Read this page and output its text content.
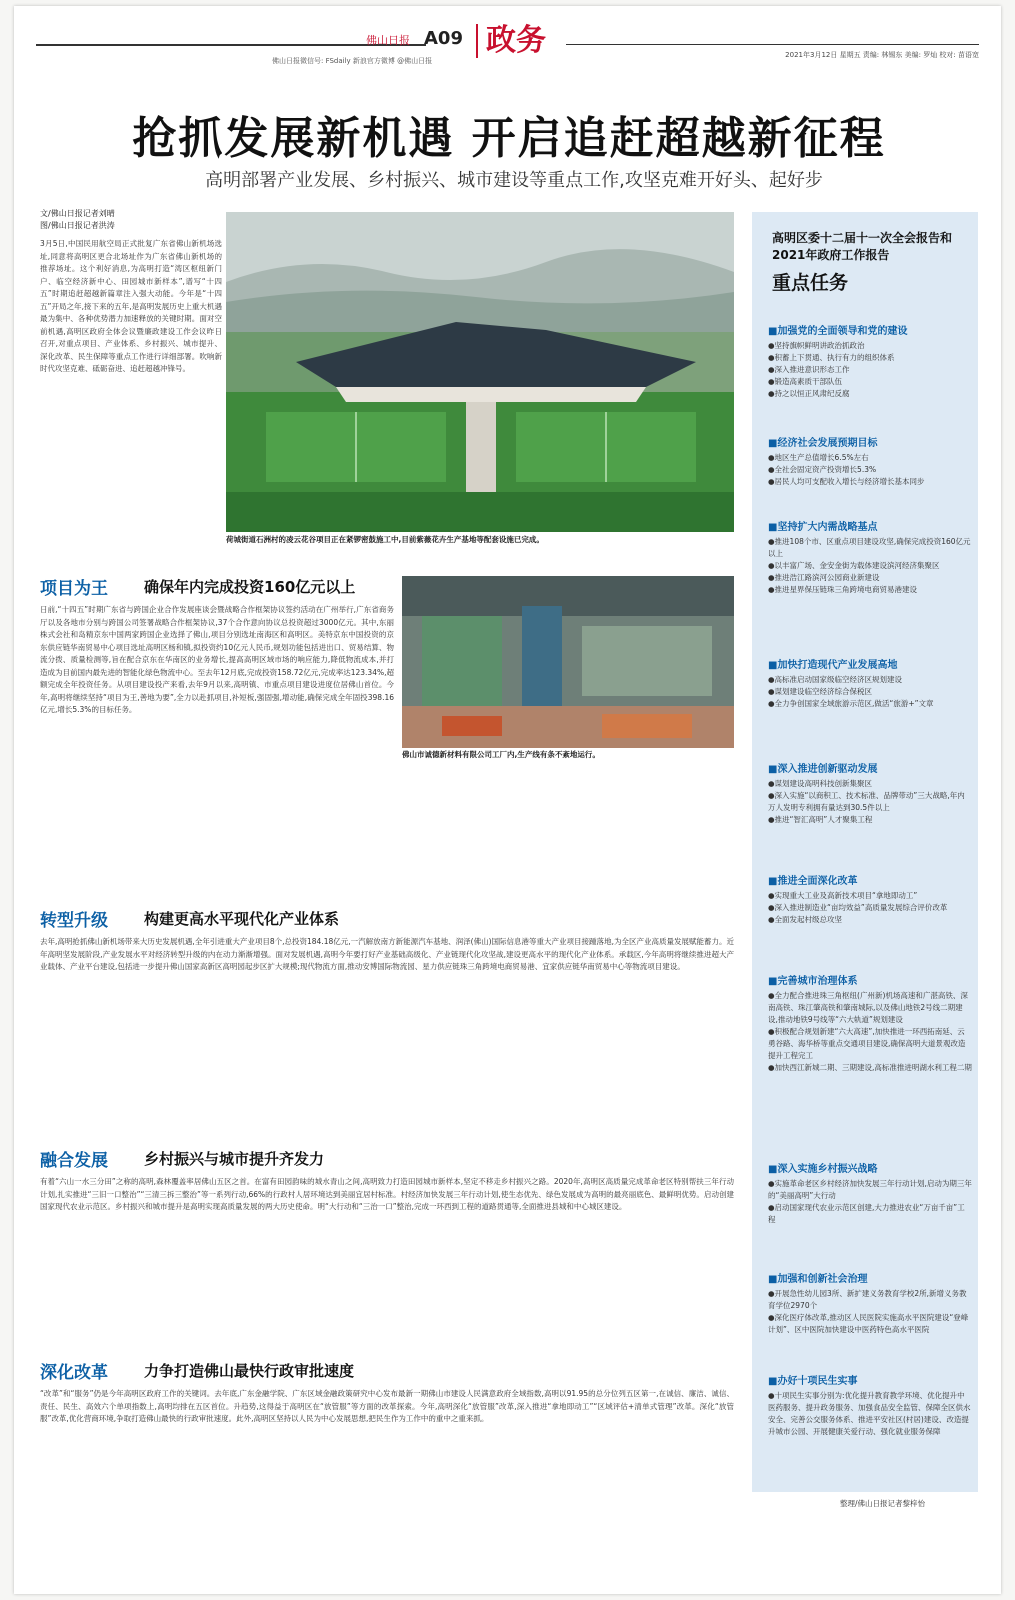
佛山日报 A09 政务
佛山日报微信号: FSdaily 新浪官方微博 @佛山日报
2021年3月12日 星期五 责编: 林锡东 美编: 罗灿 校对: 苗语宽
抢抓发展新机遇 开启追赶超越新征程
高明部署产业发展、乡村振兴、城市建设等重点工作,攻坚克难开好头、起好步
文/佛山日报记者刘晴
图/佛山日报记者洪涛
3月5日,中国民用航空局正式批复广东省佛山新机场选址,同意将高明区更合北场址作为广东省佛山新机场的推荐场址。这个利好消息,为高明打造“湾区枢纽新门户、临空经济新中心、田园城市新样本”,谱写“十四五”时期追赶超越新篇章注入强大动能。今年是“十四五”开局之年,接下来的五年,是高明发展历史上重大机遇最为集中、各种优势潜力加速释放的关键时期。面对空前机遇,高明区政府全体会议暨廉政建设工作会议昨日召开,对重点项目、产业体系、乡村振兴、城市提升、深化改革、民生保障等重点工作进行详细部署。吹响新时代攻坚克难、砥砺奋进、追赶超越冲锋号。
荷城街道石洲村的凌云花谷项目正在紧锣密鼓施工中,目前紫薇花卉生产基地等配套设施已完成。
项目为王 确保年内完成投资160亿元以上
日前,“十四五”时期广东省与跨国企业合作发展座谈会暨战略合作框架协议签约活动在广州举行,广东省商务厅以及各地市分别与跨国公司签署战略合作框架协议,37个合作意向协议总投资超过3000亿元。其中,东丽株式会社和岛精京东中国两家跨国企业选择了佛山,项目分别选址南海区和高明区。美特京东中国投资的京东供应链华南贸易中心项目选址高明区杨和镇,拟投资约10亿元人民币,规划功能包括进出口、贸易结算、物流分拨、质量检测等,旨在配合京东在华南区的业务增长,提高高明区域市场的响应能力,降低物流成本,并打造成为目前国内最先进的智能化绿色物流中心。至去年12月底,完成投资158.72亿元,完成率达123.34%,超额完成全年投资任务。从项目建设投产来看,去年9月以来,高明镇、市重点项目建设进度位居佛山首位。今年,高明将继续坚持“项目为王,善地为要”,全力以赴抓项目,补短板,强固强,增动能,确保完成全年固投398.16亿元,增长5.3%的目标任务。
佛山市诚德新材料有限公司工厂内,生产线有条不紊地运行。
转型升级 构建更高水平现代化产业体系
去年,高明抢抓佛山新机场带来大历史发展机遇,全年引进重大产业项目8个,总投资184.18亿元,一汽解放南方新能源汽车基地、润泽(佛山)国际信息港等重大产业项目接踵落地,为全区产业高质量发展赋能蓄力。近年高明坚发展阶段,产业发展水平对经济转型升级的内在动力渐渐增强。面对发展机遇,高明今年要打好产业基础高级化、产业链现代化攻坚战,建设更高水平的现代化产业体系。承载区,今年高明将继续推进超大产业载体、产业平台建设,包括进一步提升佛山国家高新区高明园起步区扩大规模;现代物流方面,推动安博国际物流园、星力供应链珠三角跨境电商贸易港、宜家供应链华南贸易中心等物流项目建设。
融合发展 乡村振兴与城市提升齐发力
有着“六山一水三分田”之称的高明,森林覆盖率居佛山五区之首。在富有田园韵味的城水青山之间,高明致力打造田园城市新样本,坚定不移走乡村振兴之路。2020年,高明区高质量完成革命老区特别帮扶三年行动计划,扎实推进“三旧一口整治”“三清三拆三整治”等一系列行动,66%的行政村人居环境达到美丽宜居村标准。村经济加快发展三年行动计划,使生态优先、绿色发展成为高明的最亮丽底色、最鲜明优势。启动创建国家现代农业示范区。乡村振兴和城市提升是高明实现高质量发展的两大历史使命。明“大行动和“三治一口”整治,完成一环西到工程的道路贯通等,全面推进县城和中心城区建设。
深化改革 力争打造佛山最快行政审批速度
“改革”和“服务”仍是今年高明区政府工作的关键词。去年底,广东金融学院、广东区域金融政策研究中心发布最新一期佛山市建设人民满意政府全域指数,高明以91.95的总分位列五区第一,在诚信、廉洁、诚信、责任、民生、高效六个单项指数上,高明均排在五区首位。升趋势,这得益于高明区在“放管服”等方面的改革探索。今年,高明深化“放管服”改革,深入推进“拿地即动工”“区域评估+清单式管理”改革。深化“放管服”改革,优化营商环境,争取打造佛山最快的行政审批速度。此外,高明区坚持以人民为中心发展思想,把民生作为工作中的重中之重来抓。
高明区委十二届十一次全会报告和2021年政府工作报告
重点任务
■加强党的全面领导和党的建设
●坚持旗帜鲜明讲政治抓政治
●积蓄上下贯通、执行有力的组织体系
●深入推进意识形态工作
●锻造高素质干部队伍
●持之以恒正风肃纪反腐
■经济社会发展预期目标
●地区生产总值增长6.5%左右
●全社会固定资产投资增长5.3%
●居民人均可支配收入增长与经济增长基本同步
■坚持扩大内需战略基点
●推进108个市、区重点项目建设攻坚,确保完成投资160亿元以上
●以丰富广场、金安金街为载体建设滨河经济集聚区
●推进浩江路滨河公园商业新建设
●推进星界保压链珠三角跨境电商贸易港建设
■加快打造现代产业发展高地
●高标准启动国家级临空经济区规划建设
●谋划建设临空经济综合保税区
●全力争创国家全域旅游示范区,做活“旅游+”文章
■深入推进创新驱动发展
●谋划建设高明科技创新集聚区
●深入实施“以商积工、技术标准、品牌带动”三大战略,年内万人发明专利拥有量达到30.5件以上
●推进“智汇高明”人才聚集工程
■推进全面深化改革
●实现重大工业及高新技术项目“拿地即动工”
●深入推进制造业“亩均效益”高质量发展综合评价改革
●全面发起村级总攻坚
■完善城市治理体系
●全力配合推进珠三角枢纽(广州新)机场高速和广湛高铁、深南高铁、珠江肇高铁和肇南城际,以及佛山地铁2号线二期建设,推动地铁9号线等“六大轨道”规划建设
●积极配合规划新建“六大高速”,加快推进一环西拓南延、云勇谷路、海华桥等重点交通项目建设,确保高明大道景观改造提升工程完工
●加快西江新城二期、三期建设,高标准推进明湖水利工程二期
■深入实施乡村振兴战略
●实施革命老区乡村经济加快发展三年行动计划,启动为期三年的“美丽高明”大行动
●启动国家现代农业示范区创建,大力推进农业“万亩千亩”工程
■加强和创新社会治理
●开展急性幼儿园3所、新扩建义务教育学校2所,新增义务教育学位2970个
●深化医疗体改革,推动区人民医院实施高水平医院建设“登峰计划”、区中医院加快建设中医药特色高水平医院
■办好十项民生实事
●十项民生实事分别为:优化提升教育教学环境、优化提升中医药服务、提升政务服务、加强食品安全监管、保障全区供水安全、完善公交服务体系、推进平安社区(村居)建设、改造提升城市公园、开展健康关爱行动、强化就业服务保障
整理/佛山日报记者黎梓怡
